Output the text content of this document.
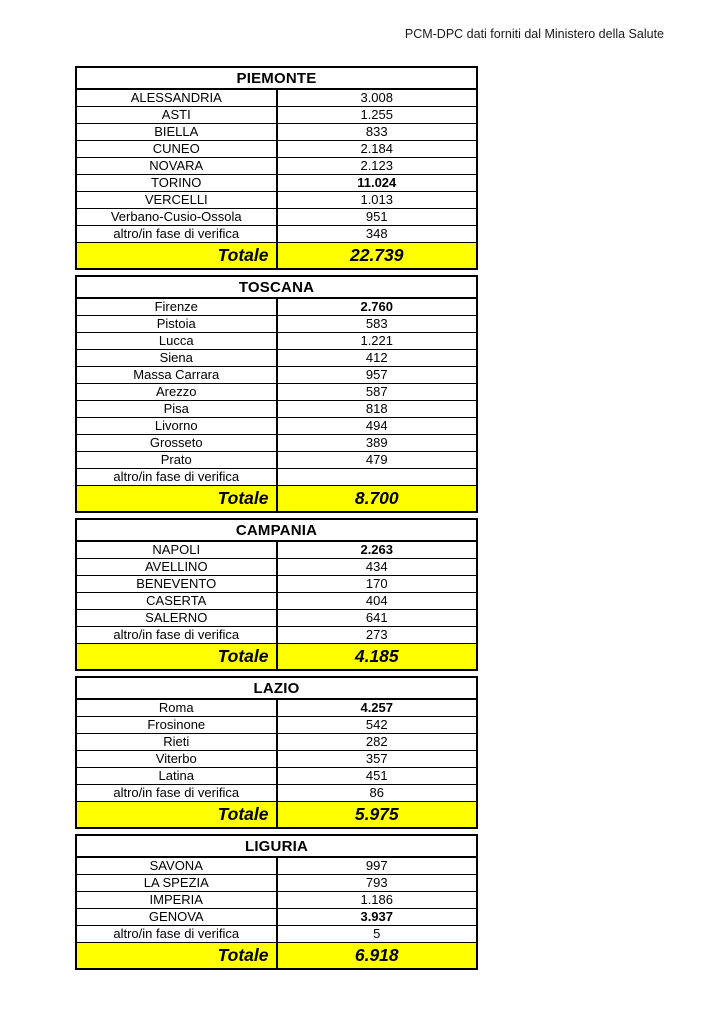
PCM-DPC dati forniti dal Ministero della Salute
PIEMONTE	
ALESSANDRIA	3.008
ASTI	1.255
BIELLA	833
CUNEO	2.184
NOVARA	2.123
TORINO	11.024
VERCELLI	1.013
Verbano-Cusio-Ossola	951
altro/in fase di verifica	348
Totale	22.739
TOSCANA	
Firenze	2.760
Pistoia	583
Lucca	1.221
Siena	412
Massa Carrara	957
Arezzo	587
Pisa	818
Livorno	494
Grosseto	389
Prato	479
altro/in fase di verifica	
Totale	8.700
CAMPANIA	
NAPOLI	2.263
AVELLINO	434
BENEVENTO	170
CASERTA	404
SALERNO	641
altro/in fase di verifica	273
Totale	4.185
LAZIO	
Roma	4.257
Frosinone	542
Rieti	282
Viterbo	357
Latina	451
altro/in fase di verifica	86
Totale	5.975
LIGURIA	
SAVONA	997
LA SPEZIA	793
IMPERIA	1.186
GENOVA	3.937
altro/in fase di verifica	5
Totale	6.918
